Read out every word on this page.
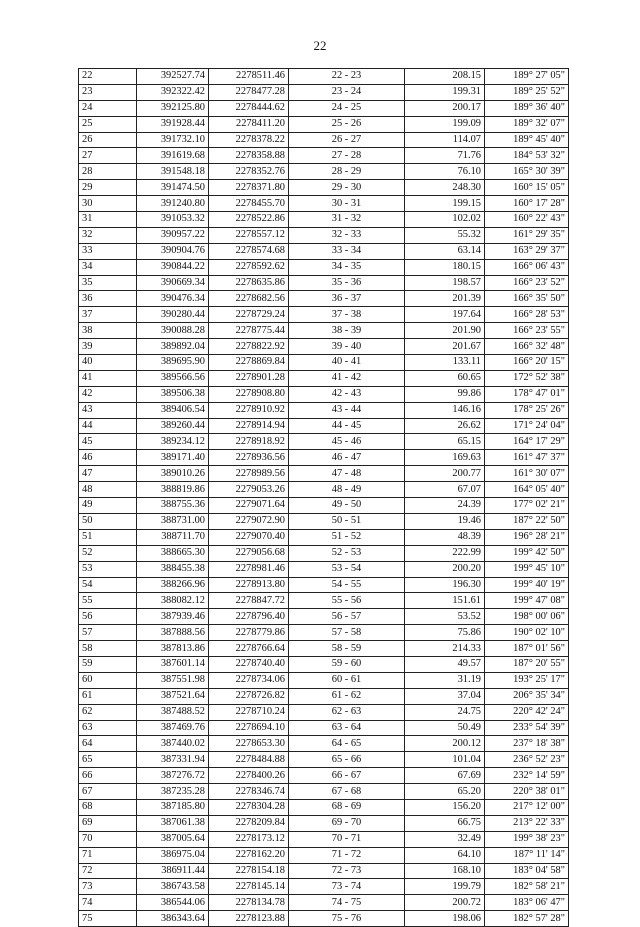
22
22	392527.74	2278511.46	22 - 23	208.15	189° 27' 05"
23	392322.42	2278477.28	23 - 24	199.31	189° 25' 52"
24	392125.80	2278444.62	24 - 25	200.17	189° 36' 40"
25	391928.44	2278411.20	25 - 26	199.09	189° 32' 07"
26	391732.10	2278378.22	26 - 27	114.07	189° 45' 40"
27	391619.68	2278358.88	27 - 28	71.76	184° 53' 32"
28	391548.18	2278352.76	28 - 29	76.10	165° 30' 39"
29	391474.50	2278371.80	29 - 30	248.30	160° 15' 05"
30	391240.80	2278455.70	30 - 31	199.15	160° 17' 28"
31	391053.32	2278522.86	31 - 32	102.02	160° 22' 43"
32	390957.22	2278557.12	32 - 33	55.32	161° 29' 35"
33	390904.76	2278574.68	33 - 34	63.14	163° 29' 37"
34	390844.22	2278592.62	34 - 35	180.15	166° 06' 43"
35	390669.34	2278635.86	35 - 36	198.57	166° 23' 52"
36	390476.34	2278682.56	36 - 37	201.39	166° 35' 50"
37	390280.44	2278729.24	37 - 38	197.64	166° 28' 53"
38	390088.28	2278775.44	38 - 39	201.90	166° 23' 55"
39	389892.04	2278822.92	39 - 40	201.67	166° 32' 48"
40	389695.90	2278869.84	40 - 41	133.11	166° 20' 15"
41	389566.56	2278901.28	41 - 42	60.65	172° 52' 38"
42	389506.38	2278908.80	42 - 43	99.86	178° 47' 01"
43	389406.54	2278910.92	43 - 44	146.16	178° 25' 26"
44	389260.44	2278914.94	44 - 45	26.62	171° 24' 04"
45	389234.12	2278918.92	45 - 46	65.15	164° 17' 29"
46	389171.40	2278936.56	46 - 47	169.63	161° 47' 37"
47	389010.26	2278989.56	47 - 48	200.77	161° 30' 07"
48	388819.86	2279053.26	48 - 49	67.07	164° 05' 40"
49	388755.36	2279071.64	49 - 50	24.39	177° 02' 21"
50	388731.00	2279072.90	50 - 51	19.46	187° 22' 50"
51	388711.70	2279070.40	51 - 52	48.39	196° 28' 21"
52	388665.30	2279056.68	52 - 53	222.99	199° 42' 50"
53	388455.38	2278981.46	53 - 54	200.20	199° 45' 10"
54	388266.96	2278913.80	54 - 55	196.30	199° 40' 19"
55	388082.12	2278847.72	55 - 56	151.61	199° 47' 08"
56	387939.46	2278796.40	56 - 57	53.52	198° 00' 06"
57	387888.56	2278779.86	57 - 58	75.86	190° 02' 10"
58	387813.86	2278766.64	58 - 59	214.33	187° 01' 56"
59	387601.14	2278740.40	59 - 60	49.57	187° 20' 55"
60	387551.98	2278734.06	60 - 61	31.19	193° 25' 17"
61	387521.64	2278726.82	61 - 62	37.04	206° 35' 34"
62	387488.52	2278710.24	62 - 63	24.75	220° 42' 24"
63	387469.76	2278694.10	63 - 64	50.49	233° 54' 39"
64	387440.02	2278653.30	64 - 65	200.12	237° 18' 38"
65	387331.94	2278484.88	65 - 66	101.04	236° 52' 23"
66	387276.72	2278400.26	66 - 67	67.69	232° 14' 59"
67	387235.28	2278346.74	67 - 68	65.20	220° 38' 01"
68	387185.80	2278304.28	68 - 69	156.20	217° 12' 00"
69	387061.38	2278209.84	69 - 70	66.75	213° 22' 33"
70	387005.64	2278173.12	70 - 71	32.49	199° 38' 23"
71	386975.04	2278162.20	71 - 72	64.10	187° 11' 14"
72	386911.44	2278154.18	72 - 73	168.10	183° 04' 58"
73	386743.58	2278145.14	73 - 74	199.79	182° 58' 21"
74	386544.06	2278134.78	74 - 75	200.72	183° 06' 47"
75	386343.64	2278123.88	75 - 76	198.06	182° 57' 28"
